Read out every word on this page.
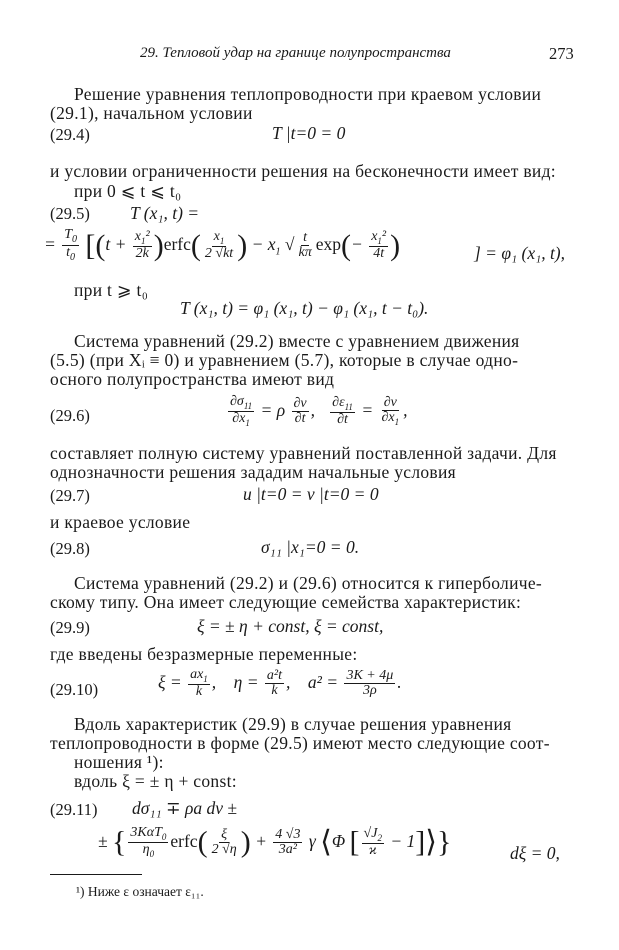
29. Тепловой удар на границе полупространства	273
Решение уравнения теплопроводности при краевом условии
(29.1), начальном условии
(29.4)	T |t=0 = 0
и условии ограниченности решения на бесконечности имеет вид:
при 0 ⩽ t ⩽ t₀
(29.5) T (x₁, t) =
= $\frac{T_0}{t_0} [(t + \frac{x_1^2}{2k}$ )erfc( $\frac{x_1}{2 √kt}$ ) − $x_1$ √ $\frac{t}{k\pi} \exp(- \frac{x_1^2}{4t}$ )	] = φ₁ (x₁, t),
при t ⩾ t₀
T (x₁, t) = φ₁ (x₁, t) − φ₁ (x₁, t − t₀).
Система уравнений (29.2) вместе с уравнением движения
(5.5) (при Xᵢ ≡ 0) и уравнением (5.7), которые в случае одно-
осного полупространства имеют вид
(29.6)	$\frac{\partial\sigma_{11}}{\partial x_1} = \rho \frac{\partial v}{\partial t}$ , $\frac{\partial\varepsilon_{11}}{\partial t} = \frac{\partial v}{\partial x_1}$ ,
составляет полную систему уравнений поставленной задачи. Для
однозначности решения зададим начальные условия
(29.7)	u |t=0 = v |t=0 = 0
и краевое условие
(29.8)	σ₁₁ |x₁=0 = 0.
Система уравнений (29.2) и (29.6) относится к гиперболиче-
скому типу. Она имеет следующие семейства характеристик:
(29.9)	ξ = ± η + const, ξ = const,
где введены безразмерные переменные:
(29.10)	$\xi = \frac{ax_1}{k}$ ,    $\eta = \frac{\text{a²t}}{k}$ ,    $a^2 = \frac{3K + 4\mu}{3\rho}$ .
Вдоль характеристик (29.9) в случае решения уравнения
теплопроводности в форме (29.5) имеют место следующие соот-
ношения ¹):
вдоль ξ = ± η + const:
(29.11) dσ₁₁ ∓ ρa dv ±
± { $\frac{3K\alpha T_0}{\eta_0}$ erfc( $\frac{\xi}{2 √\eta}$ ) + $\frac{4 √3}{\text{3a²}}$ γ ⟨Φ [ $\frac{√J_2}{ϰ}$ − 1]⟩}	dξ = 0,
¹) Ниже ε означает ε₁₁.
